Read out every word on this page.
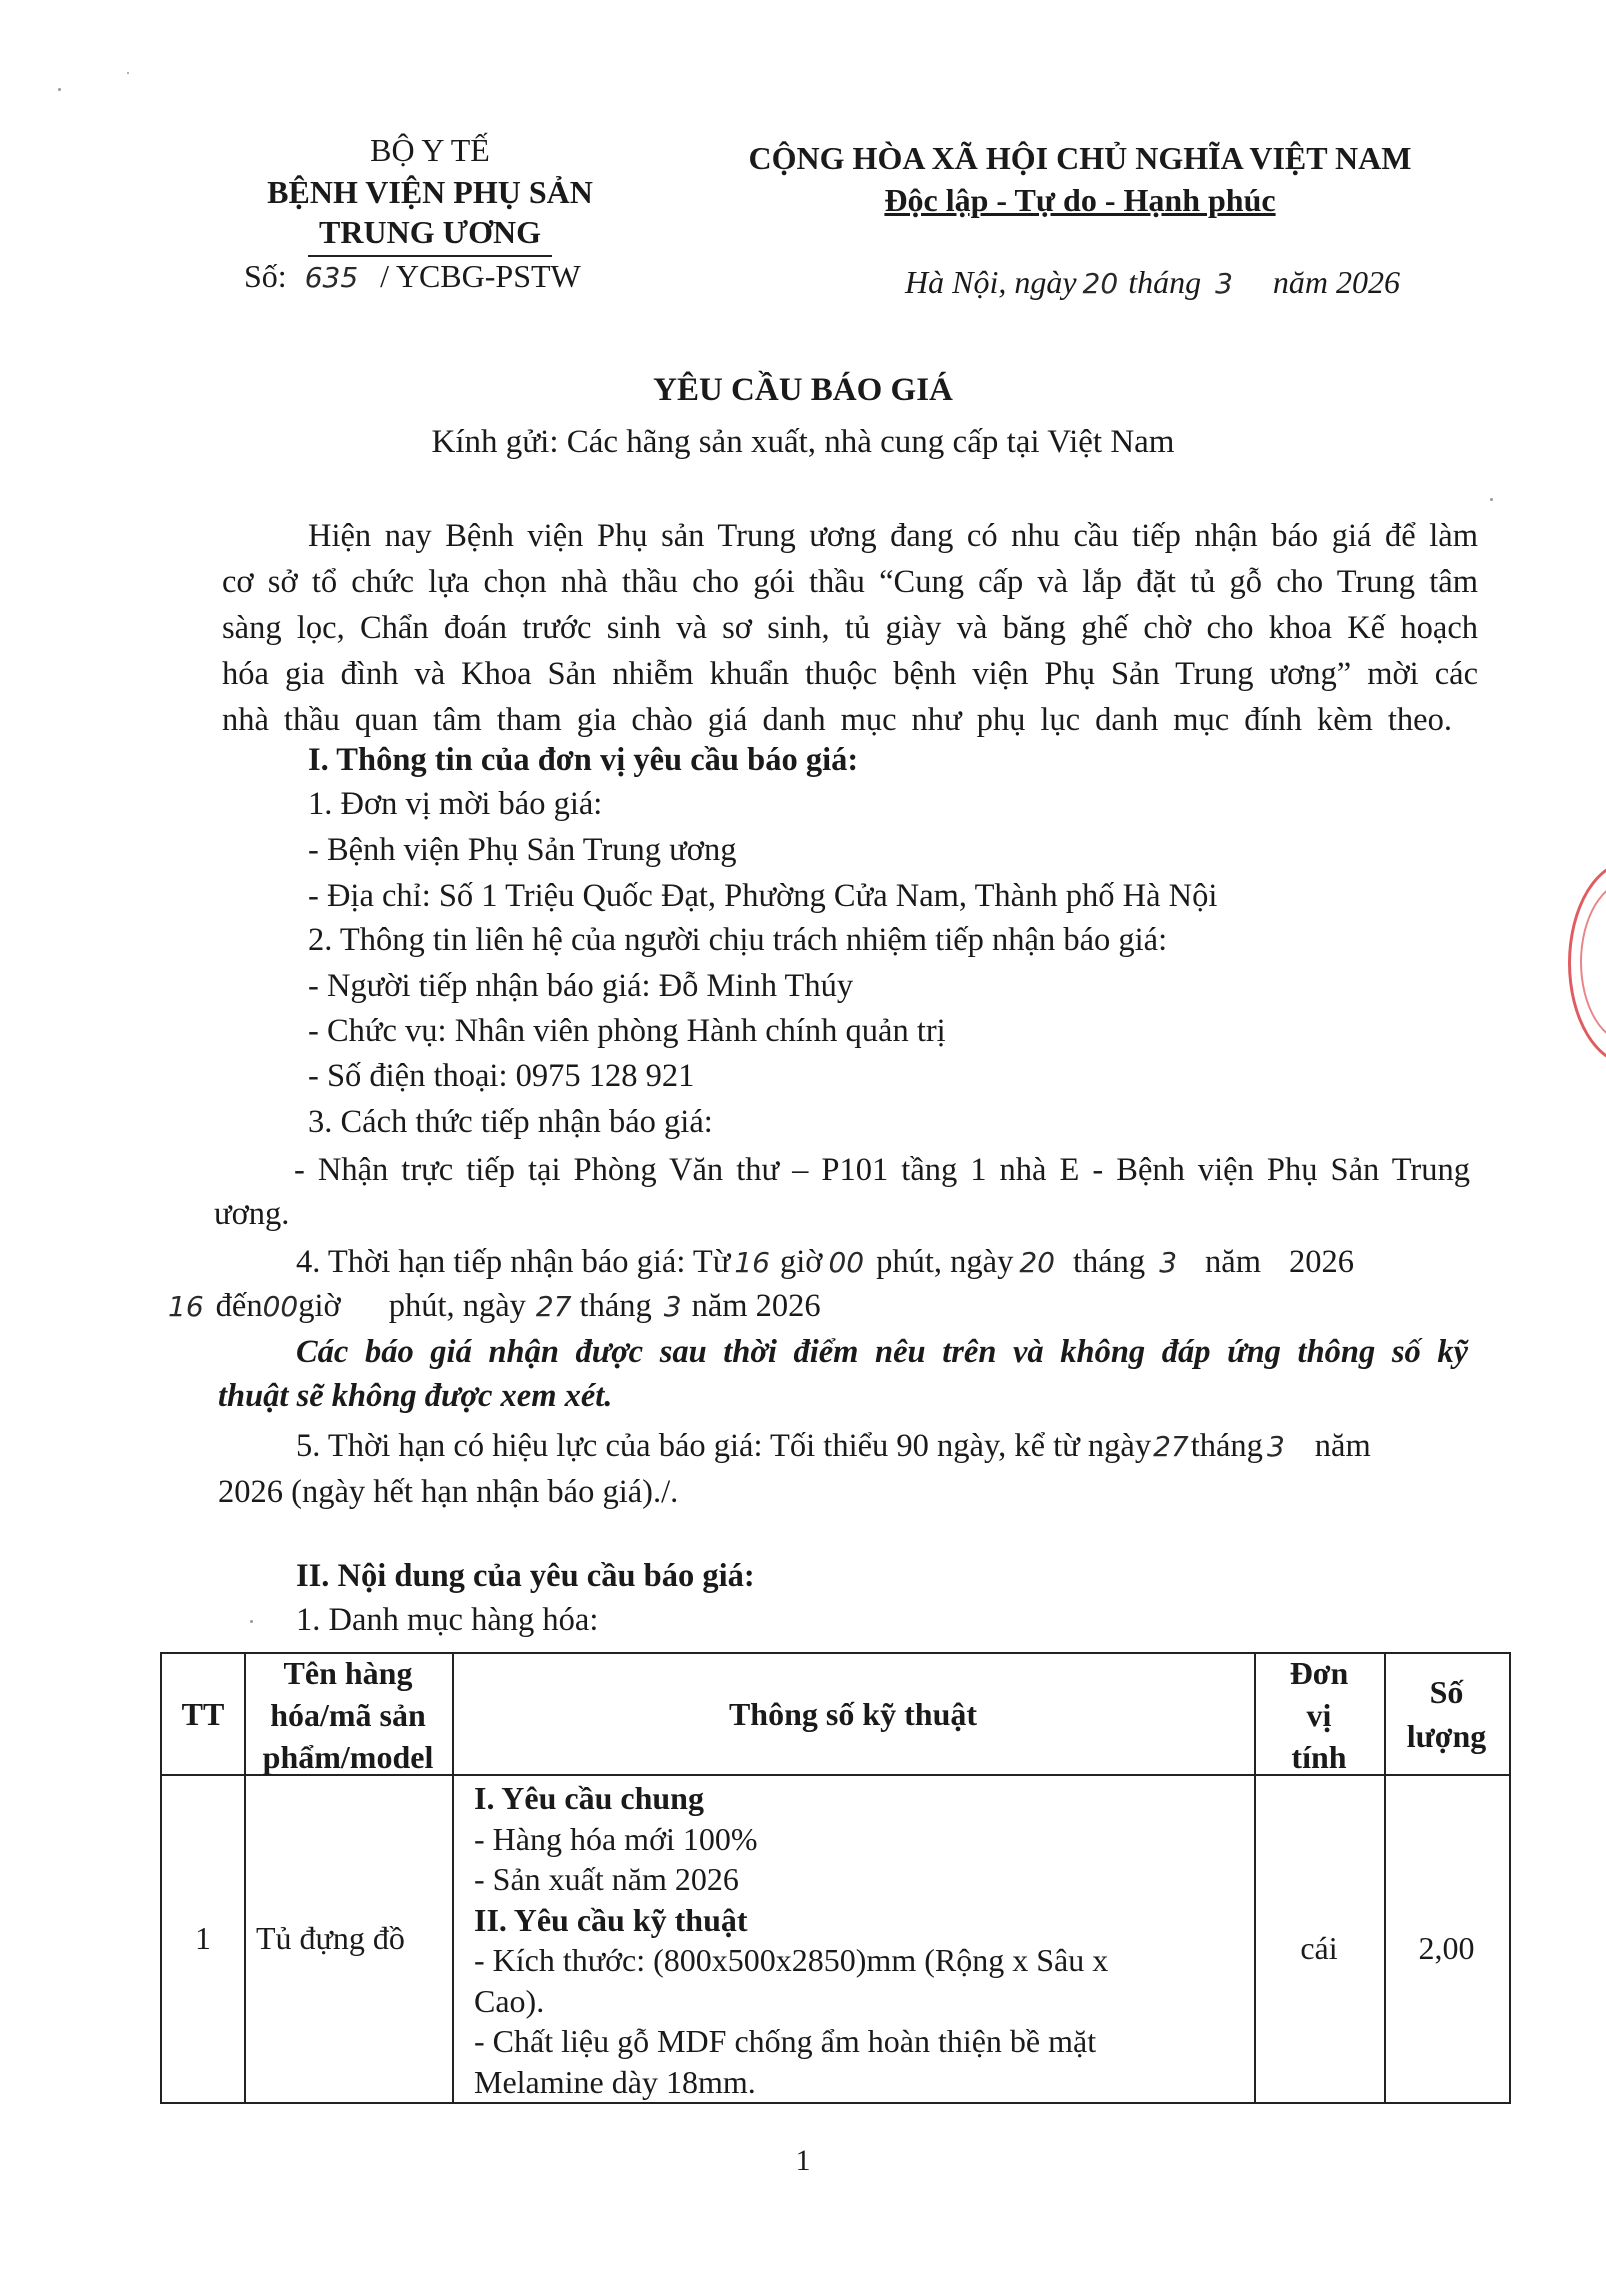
BỘ Y TẾ
BỆNH VIỆN PHỤ SẢN
TRUNG ƯƠNG
Số: 635 / YCBG-PSTW
CỘNG HÒA XÃ HỘI CHỦ NGHĨA VIỆT NAM
Độc lập - Tự do - Hạnh phúc
Hà Nội, ngày 20 tháng 3 năm 2026
YÊU CẦU BÁO GIÁ
Kính gửi: Các hãng sản xuất, nhà cung cấp tại Việt Nam
Hiện nay Bệnh viện Phụ sản Trung ương đang có nhu cầu tiếp nhận báo giá để làm
cơ sở tổ chức lựa chọn nhà thầu cho gói thầu “Cung cấp và lắp đặt tủ gỗ cho Trung tâm
sàng lọc, Chẩn đoán trước sinh và sơ sinh, tủ giày và băng ghế chờ cho khoa Kế hoạch
hóa gia đình và Khoa Sản nhiễm khuẩn thuộc bệnh viện Phụ Sản Trung ương” mời các
nhà thầu quan tâm tham gia chào giá danh mục như phụ lục danh mục đính kèm theo.
I. Thông tin của đơn vị yêu cầu báo giá:
1. Đơn vị mời báo giá:
- Bệnh viện Phụ Sản Trung ương
- Địa chỉ: Số 1 Triệu Quốc Đạt, Phường Cửa Nam, Thành phố Hà Nội
2. Thông tin liên hệ của người chịu trách nhiệm tiếp nhận báo giá:
- Người tiếp nhận báo giá: Đỗ Minh Thúy
- Chức vụ: Nhân viên phòng Hành chính quản trị
- Số điện thoại: 0975 128 921
3. Cách thức tiếp nhận báo giá:
- Nhận trực tiếp tại Phòng Văn thư – P101 tầng 1 nhà E - Bệnh viện Phụ Sản Trung
ương.
4. Thời hạn tiếp nhận báo giá: Từ 16 giờ 00 phút, ngày 20 tháng 3 năm 2026
16 đến00giờ phút, ngày 27 tháng 3 năm 2026
Các báo giá nhận được sau thời điểm nêu trên và không đáp ứng thông số kỹ
thuật sẽ không được xem xét.
5. Thời hạn có hiệu lực của báo giá: Tối thiểu 90 ngày, kể từ ngày27tháng 3 năm
2026 (ngày hết hạn nhận báo giá)./.
II. Nội dung của yêu cầu báo giá:
1. Danh mục hàng hóa:
TT
Tên hàng
hóa/mã sản
phẩm/model
Thông số kỹ thuật
Đơn
vị
tính
Số
lượng
1	Tủ đựng đồ
I. Yêu cầu chung
- Hàng hóa mới 100%
- Sản xuất năm 2026
II. Yêu cầu kỹ thuật
- Kích thước: (800x500x2850)mm (Rộng x Sâu x
Cao).
- Chất liệu gỗ MDF chống ẩm hoàn thiện bề mặt
Melamine dày 18mm.
cái	2,00
1
